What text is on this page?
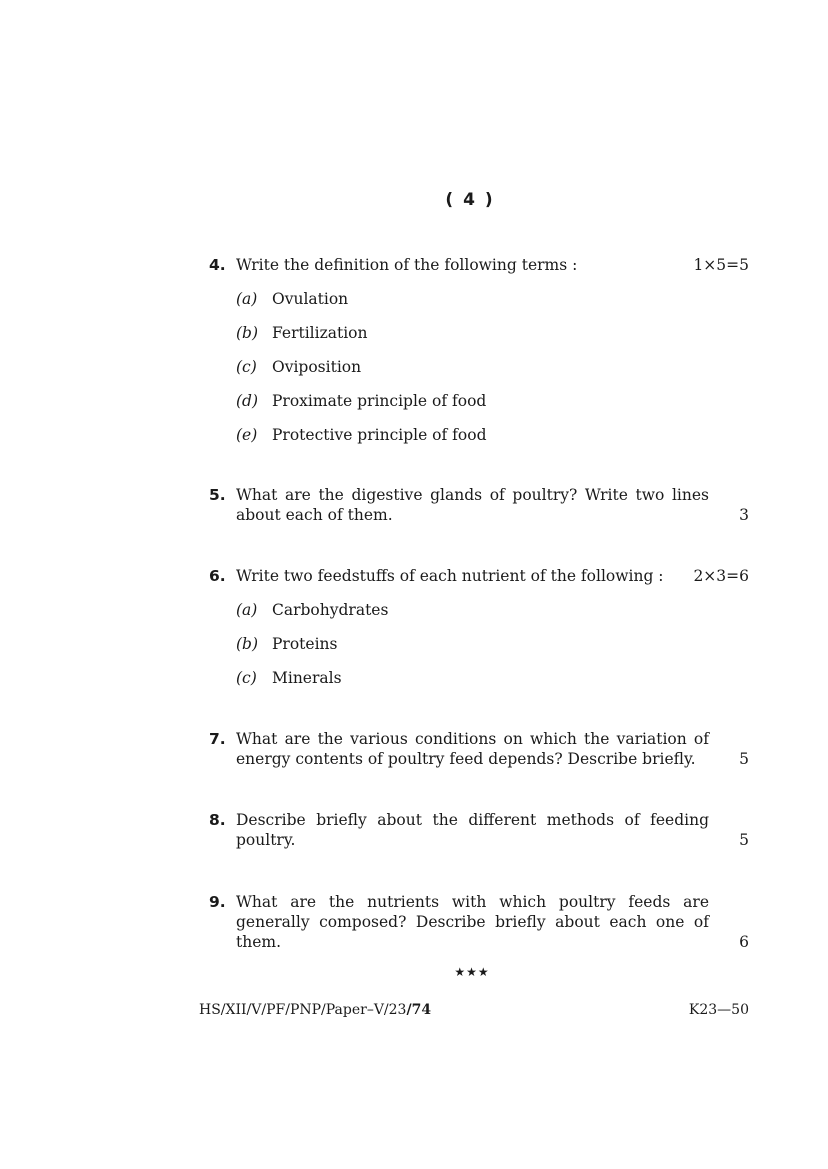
( 4 )
4. Write the definition of the following terms :	1×5=5
(a) Ovulation
(b) Fertilization
(c) Oviposition
(d) Proximate principle of food
(e) Protective principle of food
5. What are the digestive glands of poultry? Write two lines about each of them.	3
6. Write two feedstuffs of each nutrient of the following :	2×3=6
(a) Carbohydrates
(b) Proteins
(c) Minerals
7. What are the various conditions on which the variation of energy contents of poultry feed depends? Describe briefly.	5
8. Describe briefly about the different methods of feeding poultry.	5
9. What are the nutrients with which poultry feeds are generally composed? Describe briefly about each one of them.	6
★★★
HS/XII/V/PF/PNP/Paper–V/23/74	K23—50
